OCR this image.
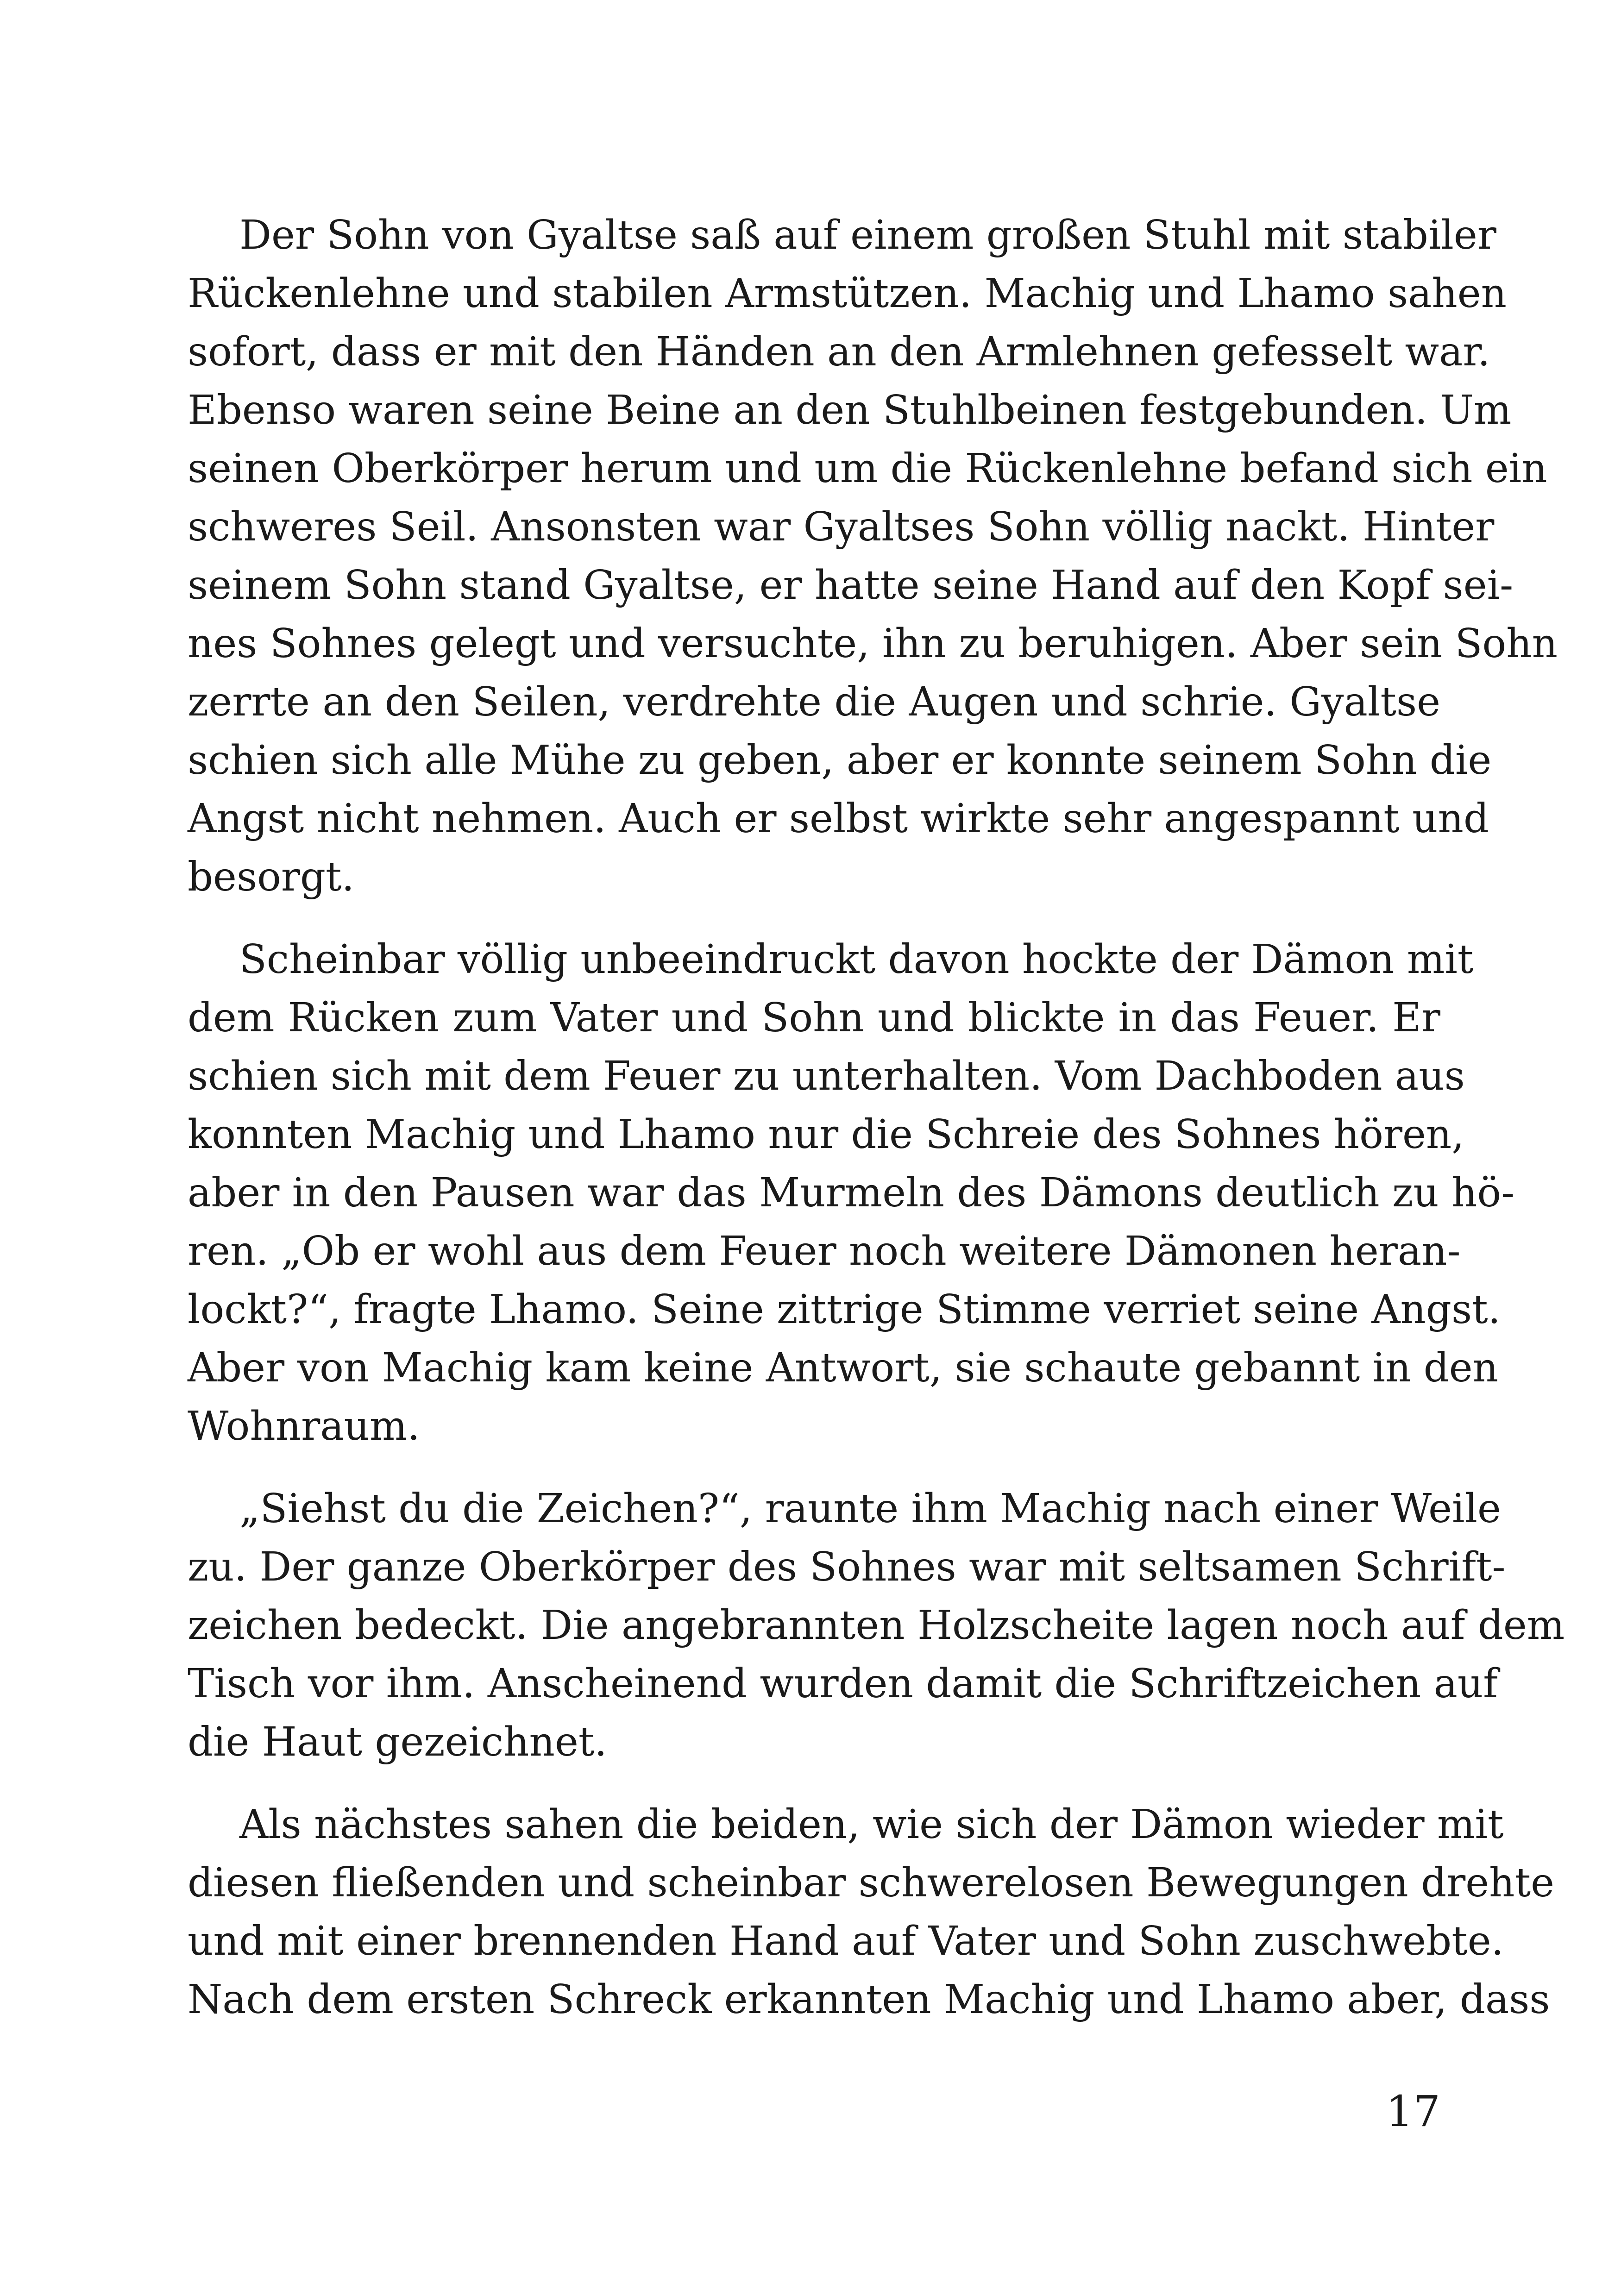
Der Sohn von Gyaltse saß auf einem großen Stuhl mit stabiler
Rückenlehne und stabilen Armstützen. Machig und Lhamo sahen
sofort, dass er mit den Händen an den Armlehnen gefesselt war.
Ebenso waren seine Beine an den Stuhlbeinen festgebunden. Um
seinen Oberkörper herum und um die Rückenlehne befand sich ein
schweres Seil. Ansonsten war Gyaltses Sohn völlig nackt. Hinter
seinem Sohn stand Gyaltse, er hatte seine Hand auf den Kopf sei-
nes Sohnes gelegt und versuchte, ihn zu beruhigen. Aber sein Sohn
zerrte an den Seilen, verdrehte die Augen und schrie. Gyaltse
schien sich alle Mühe zu geben, aber er konnte seinem Sohn die
Angst nicht nehmen. Auch er selbst wirkte sehr angespannt und
besorgt.
Scheinbar völlig unbeeindruckt davon hockte der Dämon mit
dem Rücken zum Vater und Sohn und blickte in das Feuer. Er
schien sich mit dem Feuer zu unterhalten. Vom Dachboden aus
konnten Machig und Lhamo nur die Schreie des Sohnes hören,
aber in den Pausen war das Murmeln des Dämons deutlich zu hö-
ren. „Ob er wohl aus dem Feuer noch weitere Dämonen heran-
lockt?“, fragte Lhamo. Seine zittrige Stimme verriet seine Angst.
Aber von Machig kam keine Antwort, sie schaute gebannt in den
Wohnraum.
„Siehst du die Zeichen?“, raunte ihm Machig nach einer Weile
zu. Der ganze Oberkörper des Sohnes war mit seltsamen Schrift-
zeichen bedeckt. Die angebrannten Holzscheite lagen noch auf dem
Tisch vor ihm. Anscheinend wurden damit die Schriftzeichen auf
die Haut gezeichnet.
Als nächstes sahen die beiden, wie sich der Dämon wieder mit
diesen fließenden und scheinbar schwerelosen Bewegungen drehte
und mit einer brennenden Hand auf Vater und Sohn zuschwebte.
Nach dem ersten Schreck erkannten Machig und Lhamo aber, dass
17
